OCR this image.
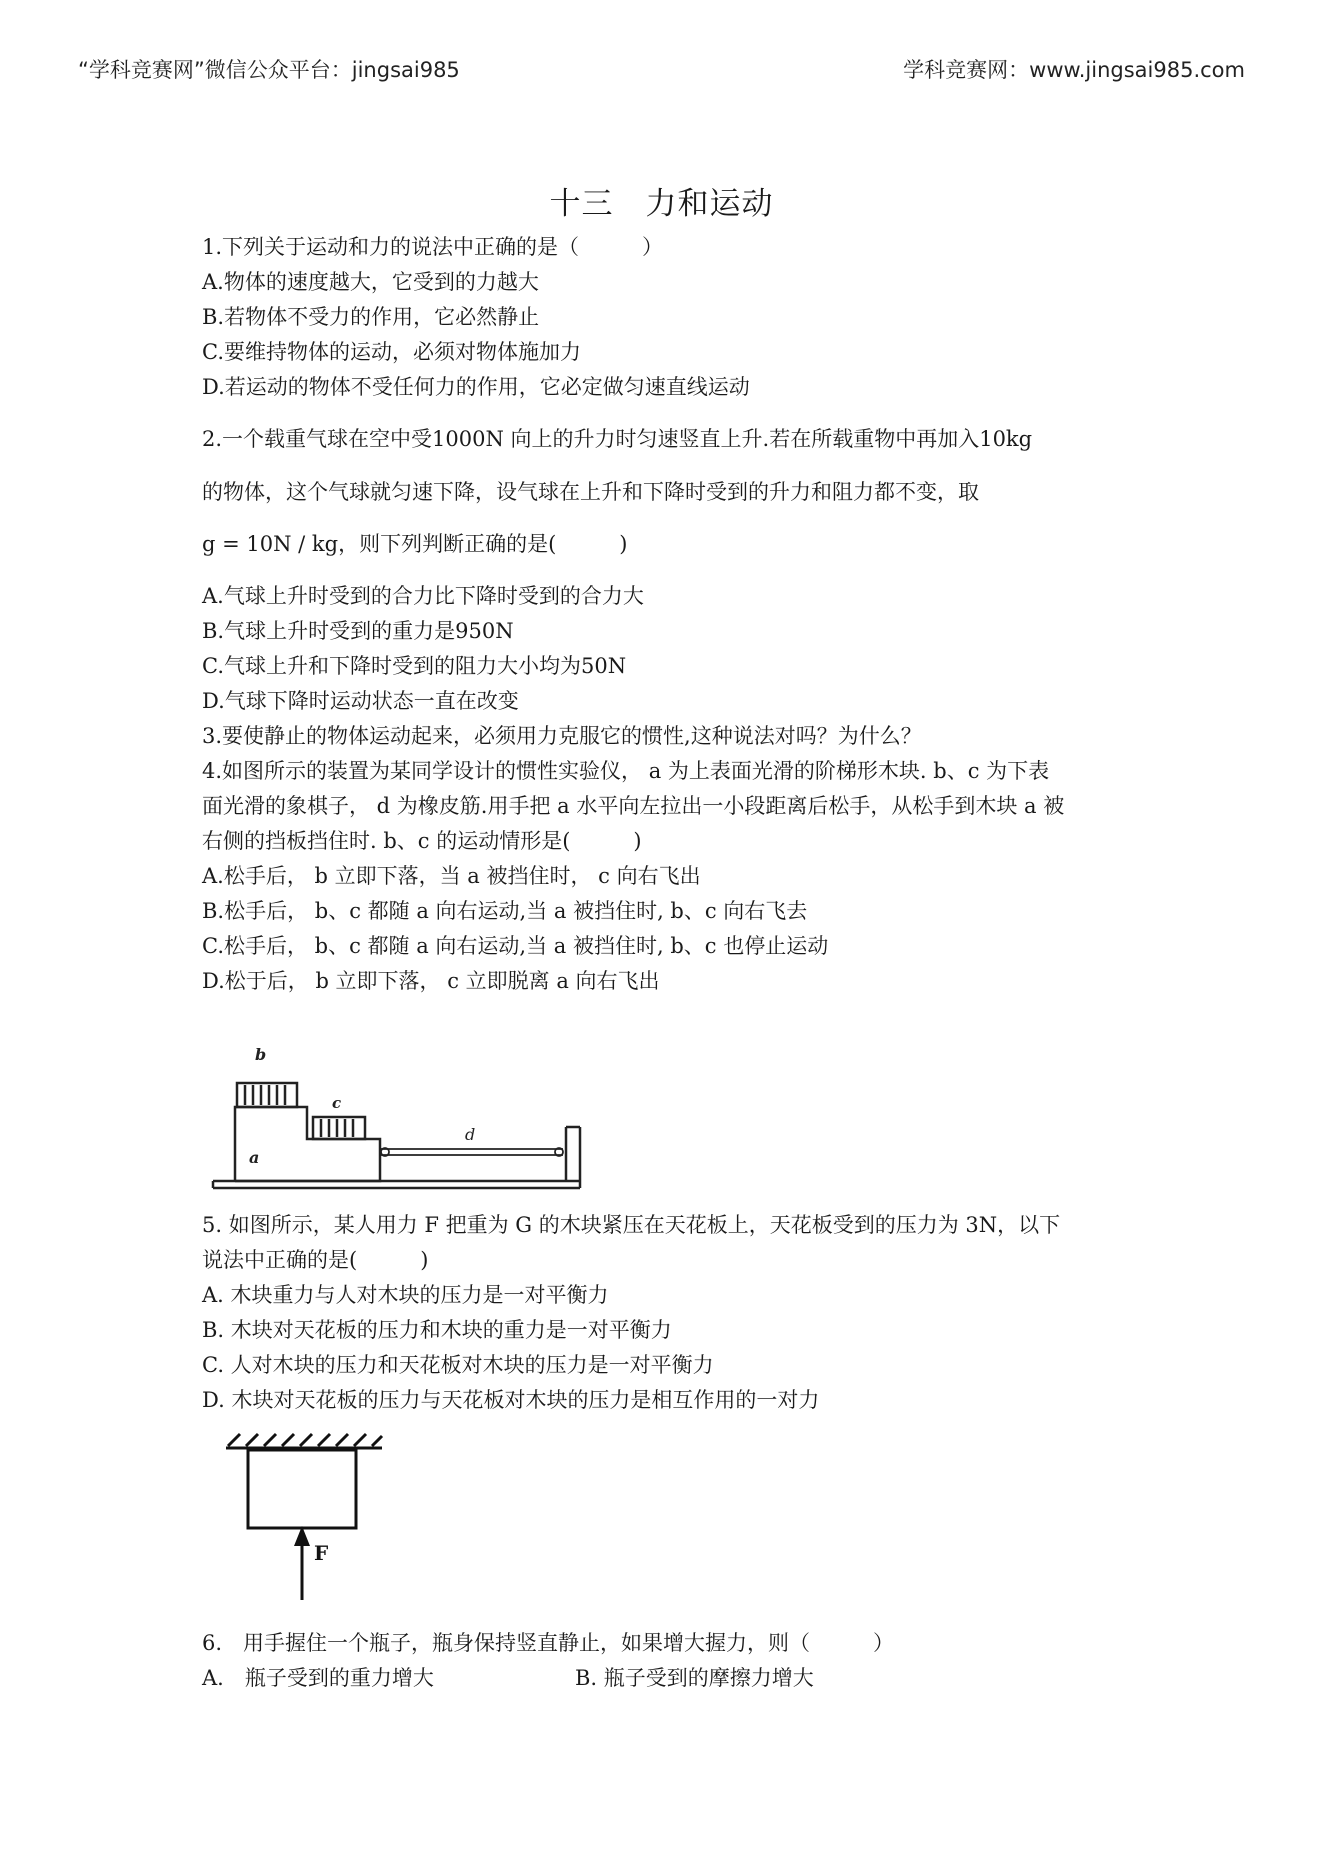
“学科竞赛网”微信公众平台：jingsai985	学科竞赛网：www.jingsai985.com
十三　力和运动
1.下列关于运动和力的说法中正确的是（　　　）
A.物体的速度越大，它受到的力越大
B.若物体不受力的作用，它必然静止
C.要维持物体的运动，必须对物体施加力
D.若运动的物体不受任何力的作用，它必定做匀速直线运动
2.一个载重气球在空中受1000N 向上的升力时匀速竖直上升.若在所载重物中再加入10kg
的物体，这个气球就匀速下降，设气球在上升和下降时受到的升力和阻力都不变，取
g = 10N / kg，则下列判断正确的是(　　　)
A.气球上升时受到的合力比下降时受到的合力大
B.气球上升时受到的重力是950N
C.气球上升和下降时受到的阻力大小均为50N
D.气球下降时运动状态一直在改变
3.要使静止的物体运动起来，必须用力克服它的惯性,这种说法对吗？为什么？
4.如图所示的装置为某同学设计的惯性实验仪， a 为上表面光滑的阶梯形木块. b、c 为下表
面光滑的象棋子， d 为橡皮筋.用手把 a 水平向左拉出一小段距离后松手，从松手到木块 a 被
右侧的挡板挡住时. b、c 的运动情形是(　　　)
A.松手后， b 立即下落，当 a 被挡住时， c 向右飞出
B.松手后， b、c 都随 a 向右运动,当 a 被挡住时, b、c 向右飞去
C.松手后， b、c 都随 a 向右运动,当 a 被挡住时, b、c 也停止运动
D.松于后， b 立即下落， c 立即脱离 a 向右飞出
b
c
a
d
5. 如图所示，某人用力 F 把重为 G 的木块紧压在天花板上，天花板受到的压力为 3N，以下
说法中正确的是(　　　)
A. 木块重力与人对木块的压力是一对平衡力
B. 木块对天花板的压力和木块的重力是一对平衡力
C. 人对木块的压力和天花板对木块的压力是一对平衡力
D. 木块对天花板的压力与天花板对木块的压力是相互作用的一对力
F
6.　用手握住一个瓶子，瓶身保持竖直静止，如果增大握力，则（　　　）
A.　瓶子受到的重力增大	B. 瓶子受到的摩擦力增大
